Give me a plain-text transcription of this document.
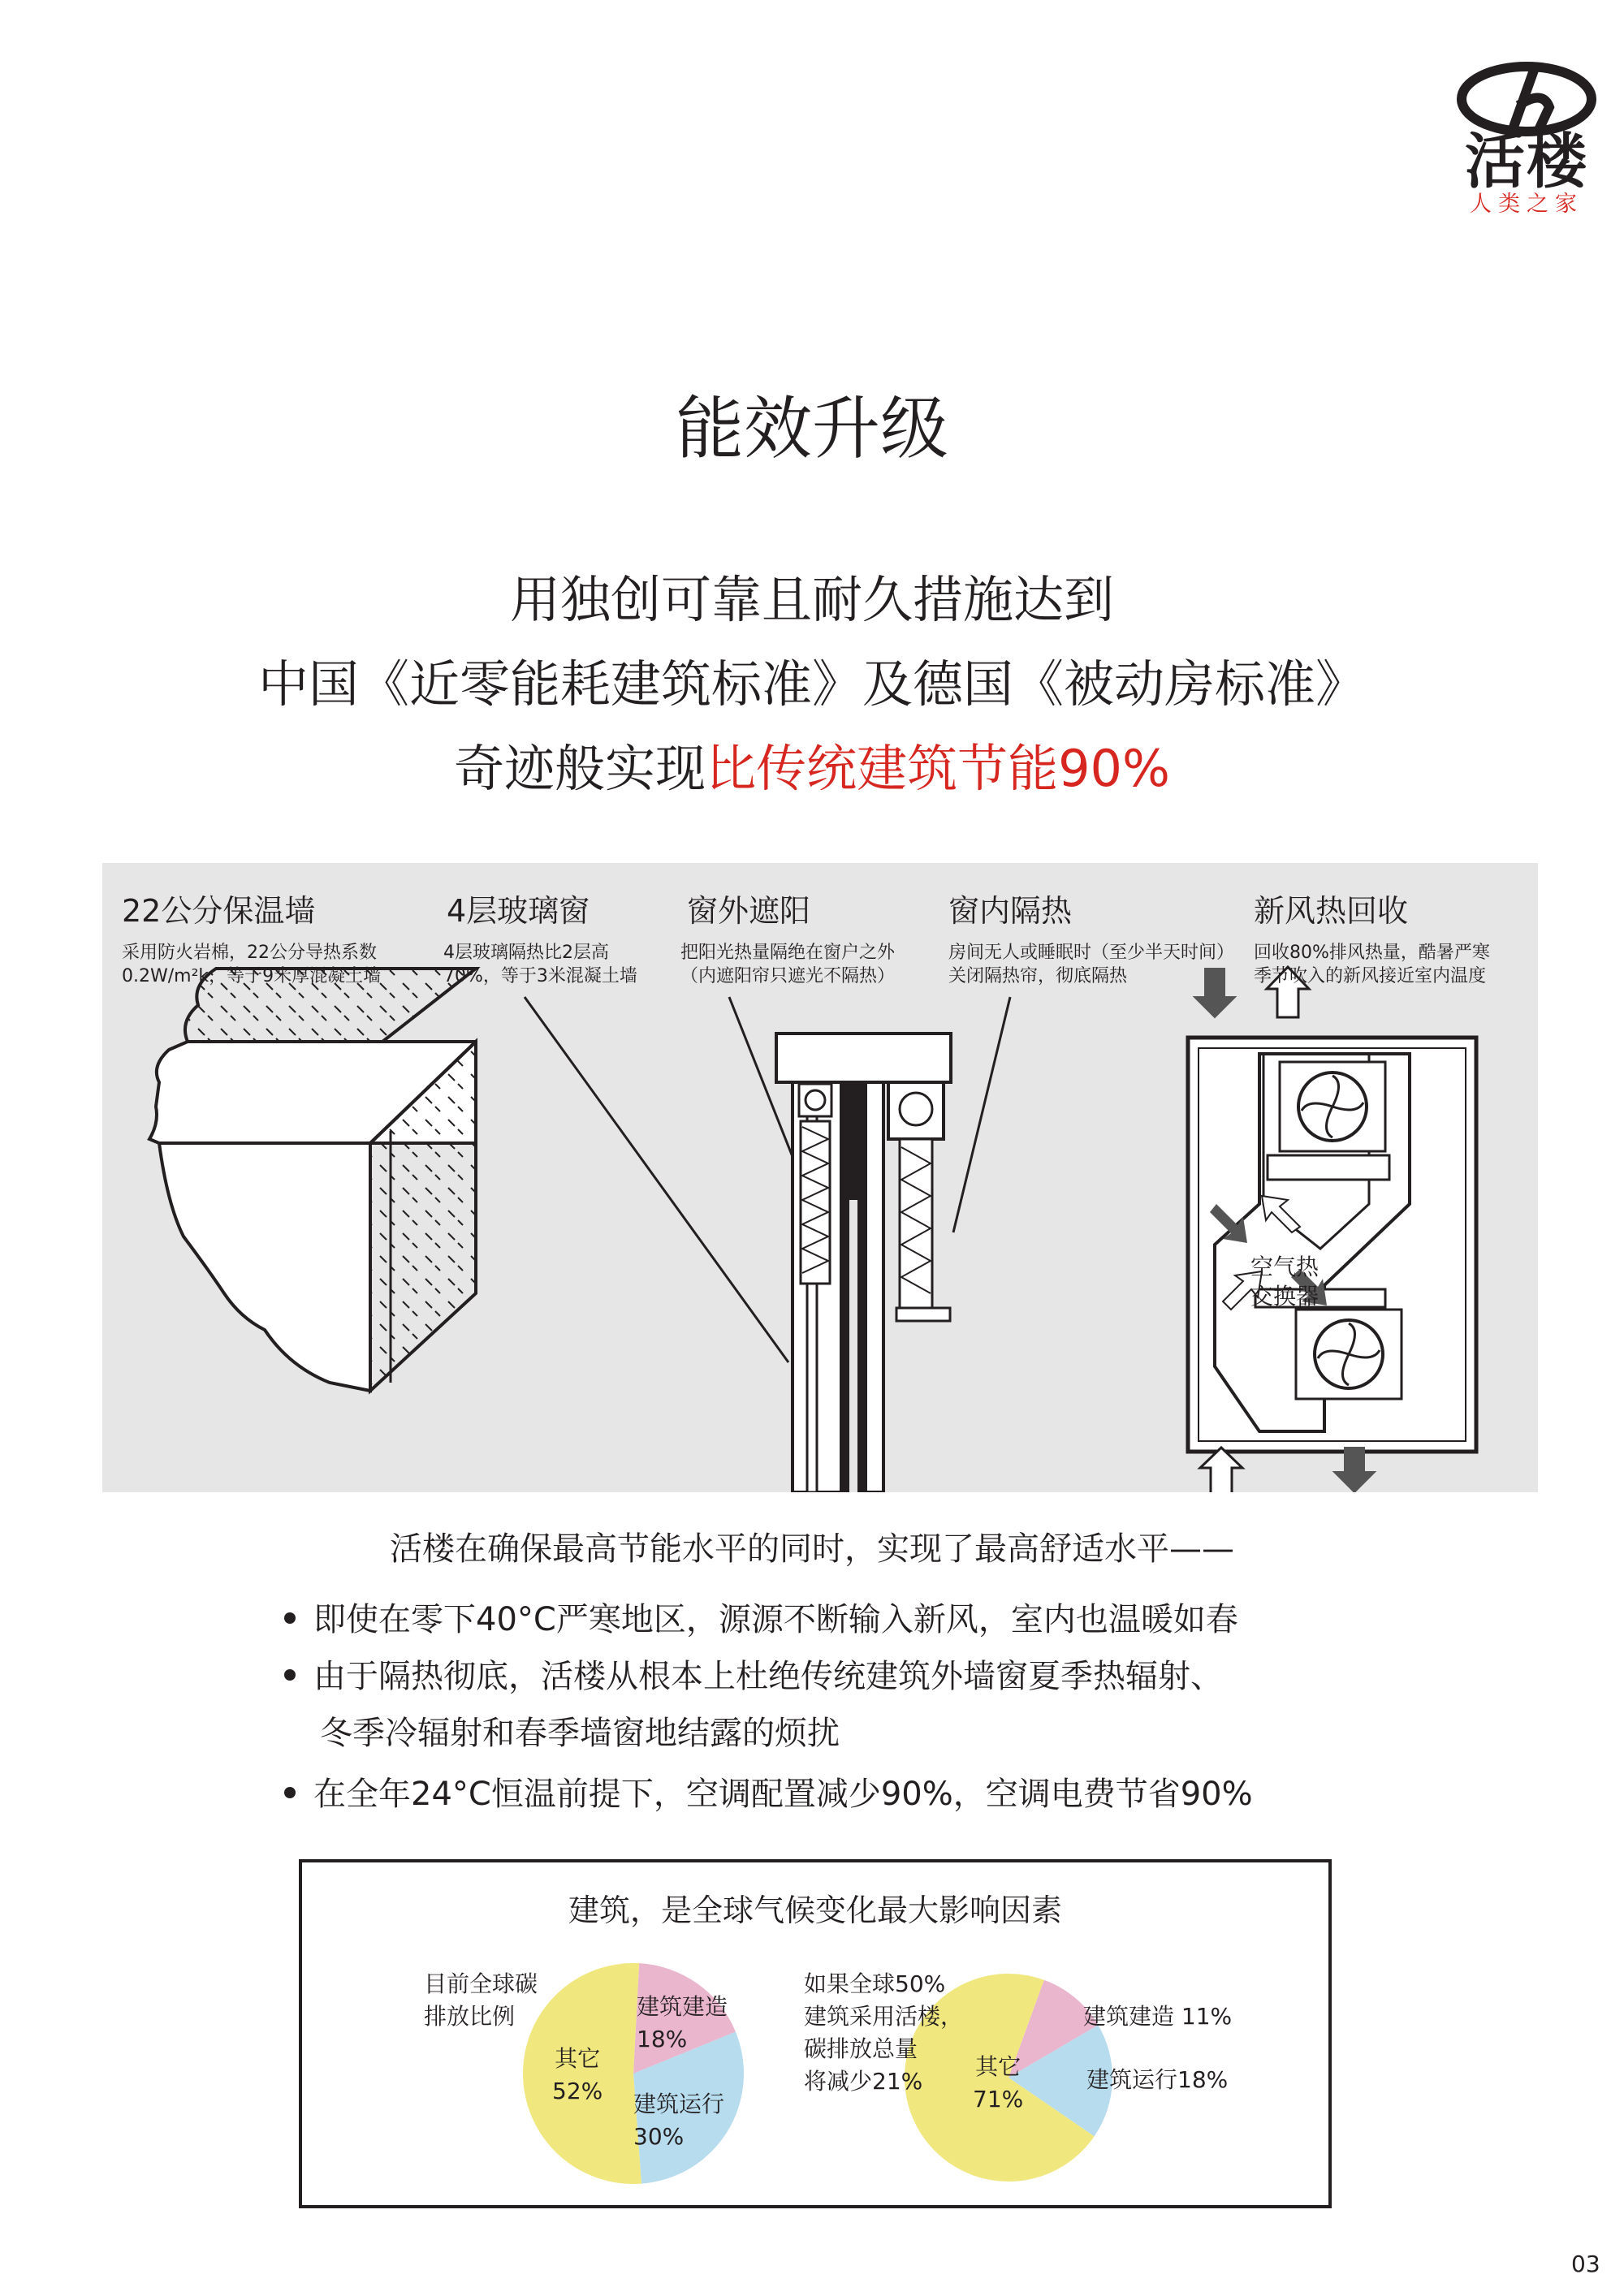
活楼
人类之家
能效升级
用独创可靠且耐久措施达到
中国《近零能耗建筑标准》及德国《被动房标准》
奇迹般实现比传统建筑节能90%
22公分保温墙
采用防火岩棉，22公分导热系数
0.2W/m²k，等于9米厚混凝土墙
4层玻璃窗
4层玻璃隔热比2层高
70%，等于3米混凝土墙
窗外遮阳
把阳光热量隔绝在窗户之外
（内遮阳帘只遮光不隔热）
窗内隔热
房间无人或睡眠时（至少半天时间）
关闭隔热帘，彻底隔热
新风热回收
回收80%排风热量，酷暑严寒
季节吹入的新风接近室内温度
空气热
交换器
活楼在确保最高节能水平的同时，实现了最高舒适水平——
即使在零下40°C严寒地区，源源不断输入新风，室内也温暖如春
由于隔热彻底，活楼从根本上杜绝传统建筑外墙窗夏季热辐射、
冬季冷辐射和春季墙窗地结露的烦扰
在全年24°C恒温前提下，空调配置减少90%，空调电费节省90%
建筑，是全球气候变化最大影响因素
目前全球碳
排放比例
其它
52%
建筑建造
18%
建筑运行
30%
如果全球50%
建筑采用活楼，
碳排放总量
将减少21%
其它
71%
建筑建造 11%
建筑运行18%
03
